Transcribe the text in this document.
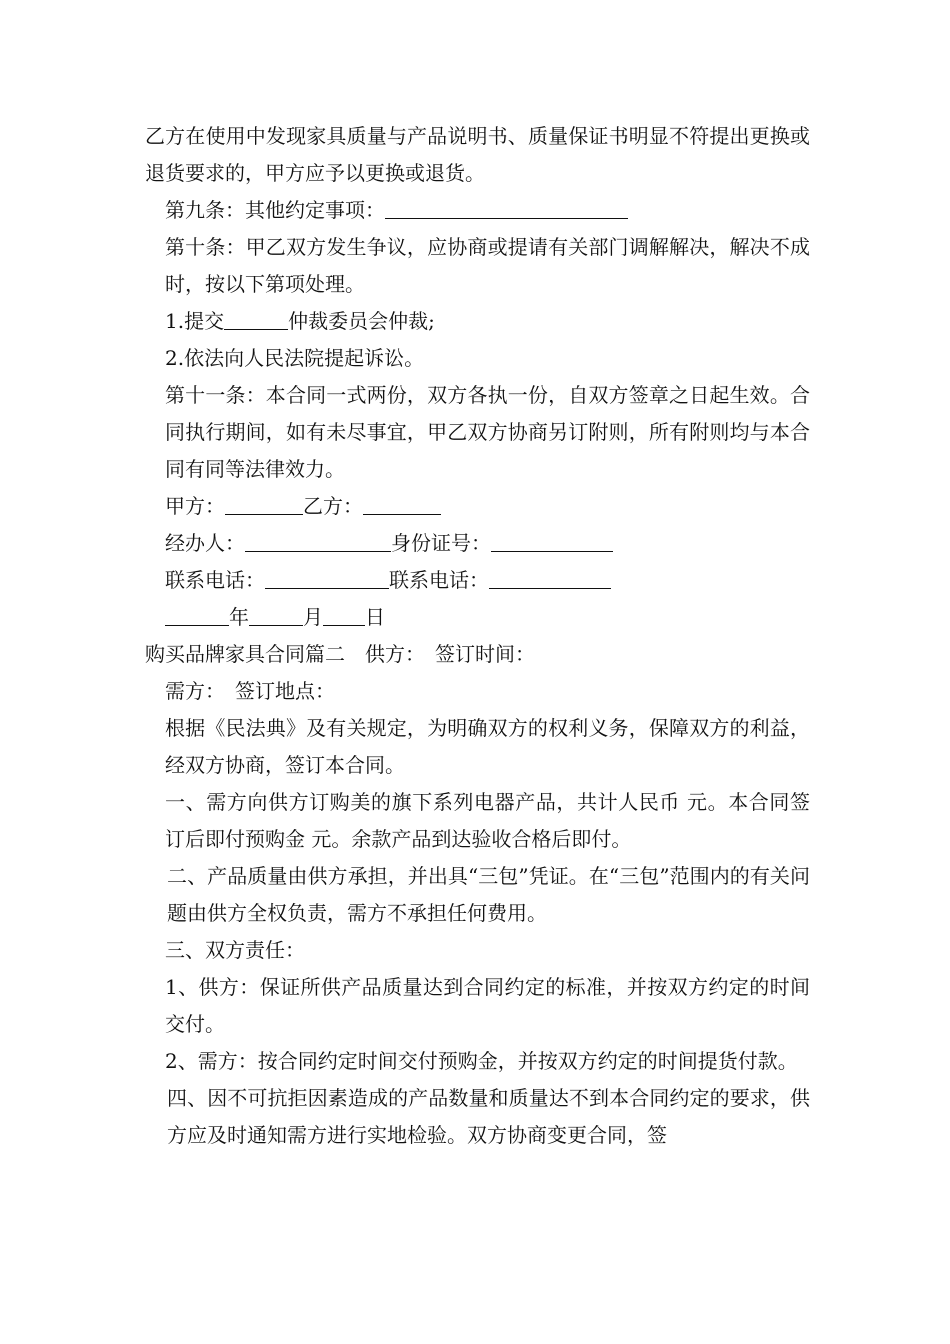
乙方在使用中发现家具质量与产品说明书、质量保证书明显不符提出更换或退货要求的，甲方应予以更换或退货。

第九条：其他约定事项：

第十条：甲乙双方发生争议，应协商或提请有关部门调解解决，解决不成时，按以下第项处理。

1.提交	仲裁委员会仲裁;

2.依法向人民法院提起诉讼。

第十一条：本合同一式两份，双方各执一份，自双方签章之日起生效。合同执行期间，如有未尽事宜，甲乙双方协商另订附则，所有附则均与本合同有同等法律效力。

甲方：	乙方：

经办人：	身份证号：

联系电话：	联系电话：

年	月 日

购买品牌家具合同篇二　供方：　签订时间：

需方：　签订地点：

根据《民法典》及有关规定，为明确双方的权利义务，保障双方的利益，经双方协商，签订本合同。

一、需方向供方订购美的旗下系列电器产品，共计人民币 元。本合同签订后即付预购金 元。余款产品到达验收合格后即付。

二、产品质量由供方承担，并出具“三包”凭证。在“三包”范围内的有关问题由供方全权负责，需方不承担任何费用。

三、双方责任：

1、供方：保证所供产品质量达到合同约定的标准，并按双方约定的时间交付。

2、需方：按合同约定时间交付预购金，并按双方约定的时间提货付款。

四、因不可抗拒因素造成的产品数量和质量达不到本合同约定的要求，供方应及时通知需方进行实地检验。双方协商变更合同，签
